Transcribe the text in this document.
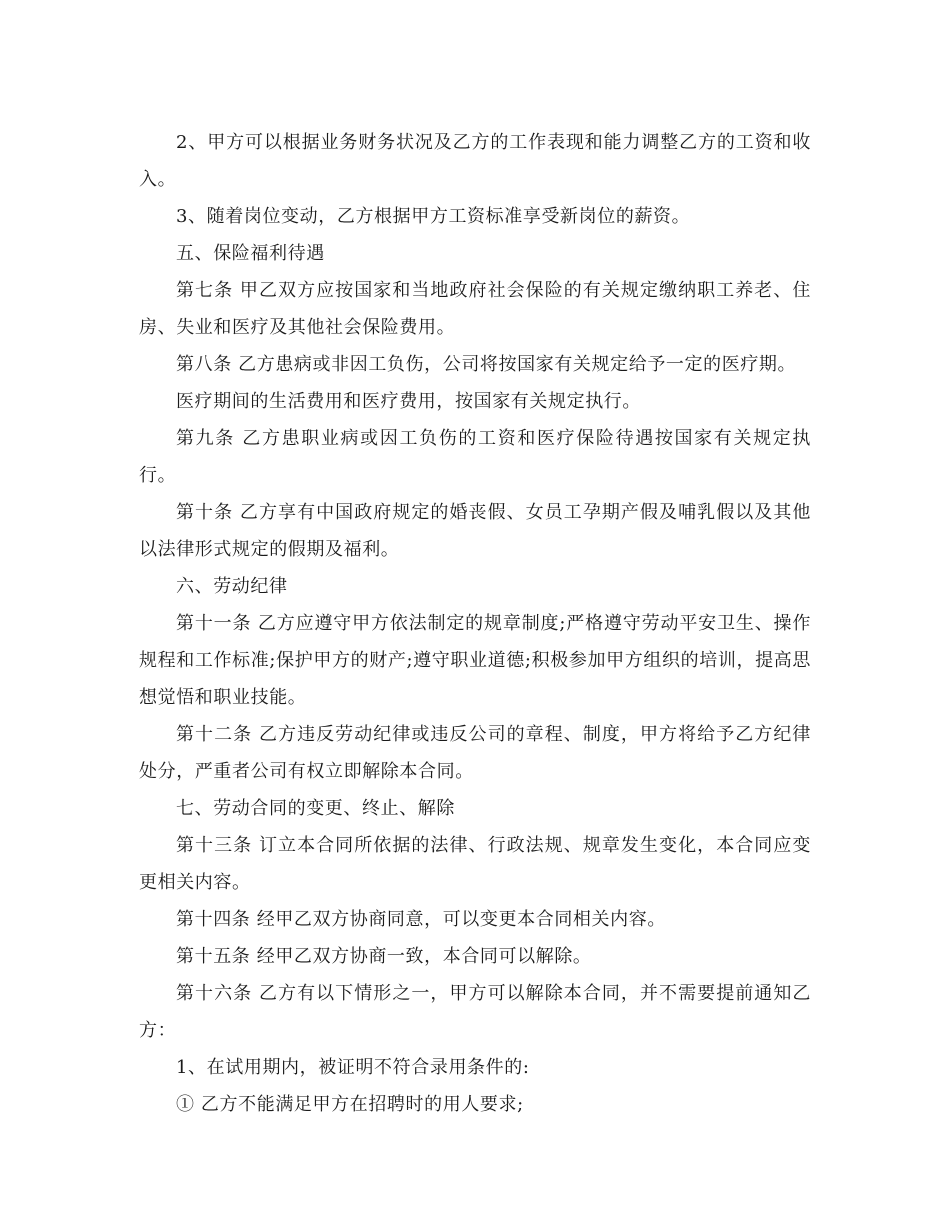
2、甲方可以根据业务财务状况及乙方的工作表现和能力调整乙方的工资和收入。

3、随着岗位变动，乙方根据甲方工资标准享受新岗位的薪资。

五、保险福利待遇

第七条 甲乙双方应按国家和当地政府社会保险的有关规定缴纳职工养老、住房、失业和医疗及其他社会保险费用。

第八条 乙方患病或非因工负伤，公司将按国家有关规定给予一定的医疗期。

医疗期间的生活费用和医疗费用，按国家有关规定执行。

第九条 乙方患职业病或因工负伤的工资和医疗保险待遇按国家有关规定执行。

第十条 乙方享有中国政府规定的婚丧假、女员工孕期产假及哺乳假以及其他以法律形式规定的假期及福利。

六、劳动纪律

第十一条 乙方应遵守甲方依法制定的规章制度;严格遵守劳动平安卫生、操作规程和工作标准;保护甲方的财产;遵守职业道德;积极参加甲方组织的培训，提高思想觉悟和职业技能。

第十二条 乙方违反劳动纪律或违反公司的章程、制度，甲方将给予乙方纪律处分，严重者公司有权立即解除本合同。

七、劳动合同的变更、终止、解除

第十三条 订立本合同所依据的法律、行政法规、规章发生变化，本合同应变更相关内容。

第十四条 经甲乙双方协商同意，可以变更本合同相关内容。

第十五条 经甲乙双方协商一致，本合同可以解除。

第十六条 乙方有以下情形之一，甲方可以解除本合同，并不需要提前通知乙方：

1、在试用期内，被证明不符合录用条件的:

① 乙方不能满足甲方在招聘时的用人要求;
